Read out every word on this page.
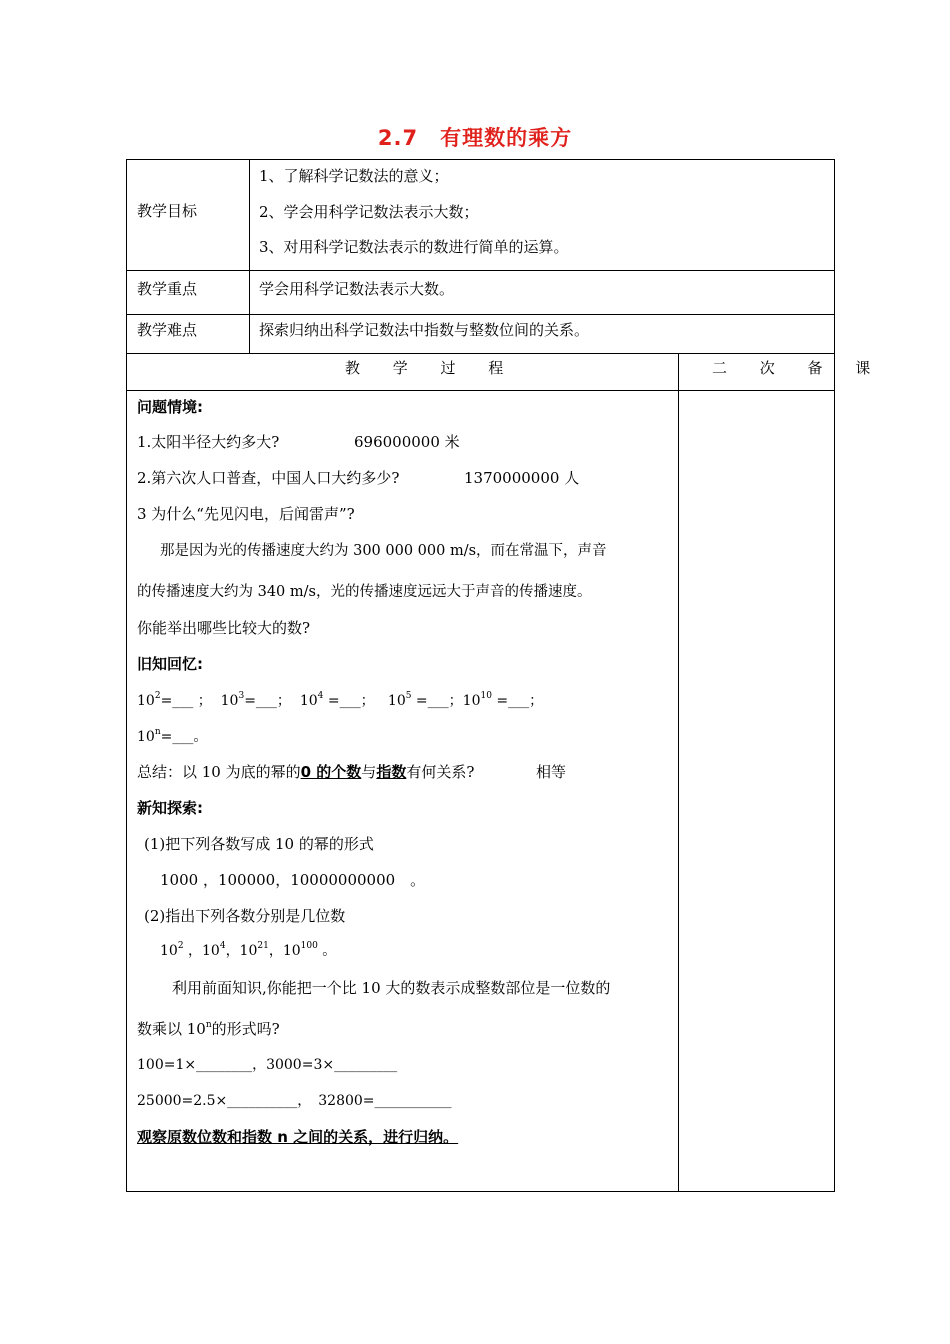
2.7　有理数的乘方
教学目标
1、了解科学记数法的意义；
2、学会用科学记数法表示大数；
3、对用科学记数法表示的数进行简单的运算。
教学重点	学会用科学记数法表示大数。
教学难点	探索归纳出科学记数法中指数与整数位间的关系。
教 学 过 程	二 次 备 课
问题情境:
1.太阳半径大约多大?	696000000 米
2.第六次人口普查，中国人口大约多少?	1370000000 人
3 为什么“先见闪电，后闻雷声”?
那是因为光的传播速度大约为 300 000 000 m/s，而在常温下，声音
的传播速度大约为 340 m/s，光的传播速度远远大于声音的传播速度。
你能举出哪些比较大的数?
旧知回忆:
$10^2=\_\_\_$ ；  $10^3=\_\_\_$；  $10^4$ =___；   $10^5$ =___；$10^{10}$ =___；
$10^n=\_\_\_$。
总结：以 10 为底的幂的0 的个数与指数有何关系?	相等
新知探索:
(1)把下列各数写成 10 的幂的形式
1000 ，100000，10000000000　。
(2)指出下列各数分别是几位数
$10^2$ ，$10^4$，$10^{21}$，$10^{100}$ 。
利用前面知识,你能把一个比 10 大的数表示成整数部位是一位数的
数乘以 10$^n$的形式吗?
100=1×________，3000=3×_________
25000=2.5×__________，　32800=___________
观察原数位数和指数 n 之间的关系，进行归纳。
